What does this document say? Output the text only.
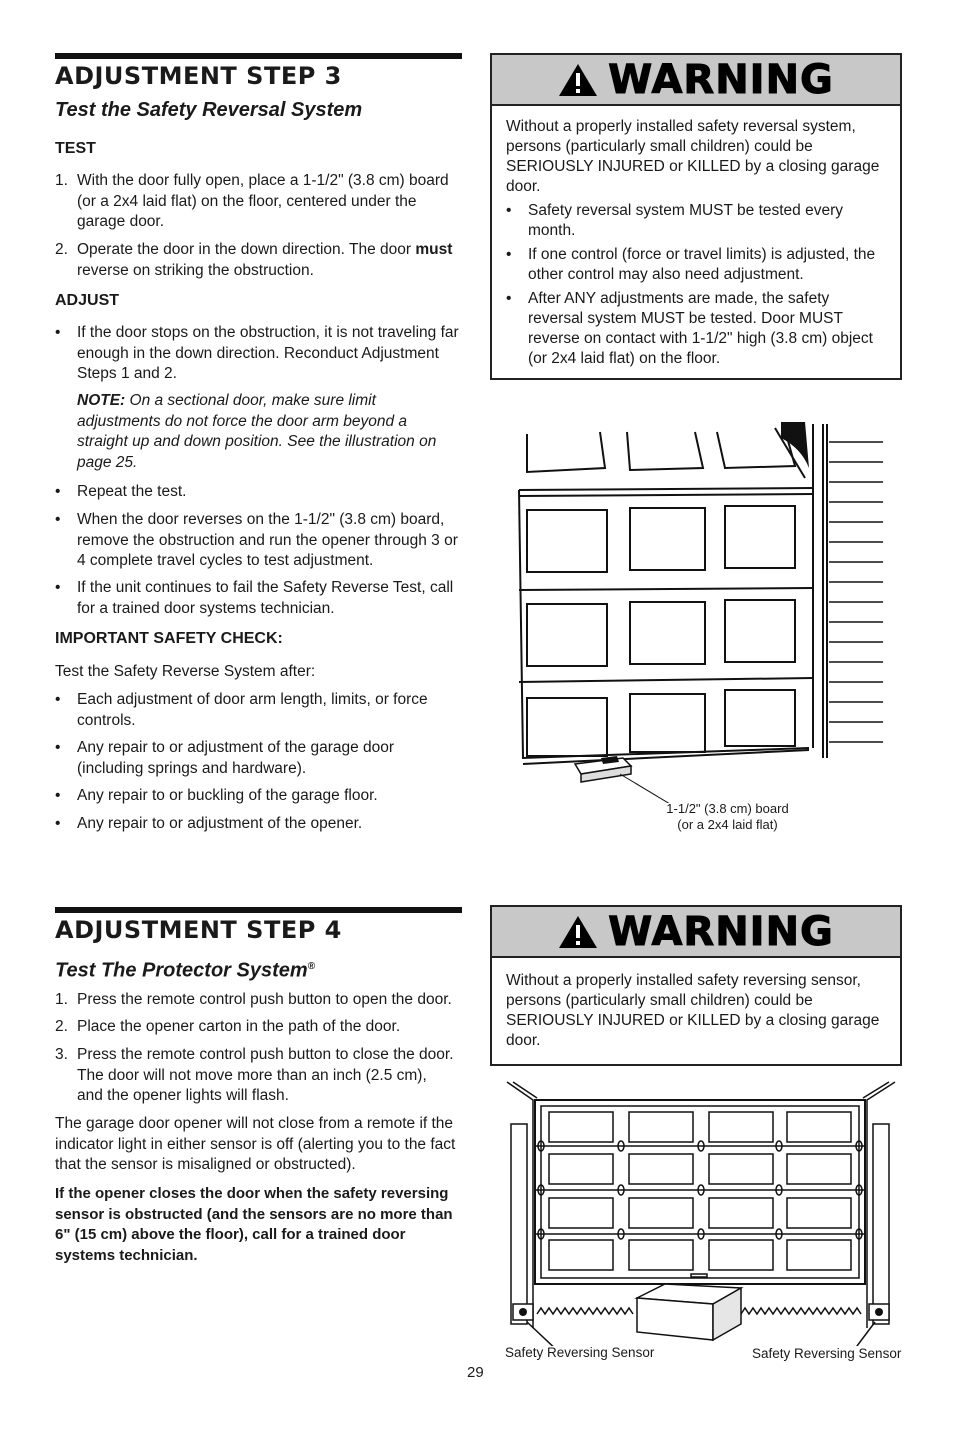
ADJUSTMENT STEP 3
Test the Safety Reversal System
TEST
1. With the door fully open, place a 1-1/2" (3.8 cm) board (or a 2x4 laid flat) on the floor, centered under the garage door.
2. Operate the door in the down direction. The door must reverse on striking the obstruction.
ADJUST
• If the door stops on the obstruction, it is not traveling far enough in the down direction. Reconduct Adjustment Steps 1 and 2.
NOTE: On a sectional door, make sure limit adjustments do not force the door arm beyond a straight up and down position. See the illustration on page 25.
• Repeat the test.
• When the door reverses on the 1-1/2" (3.8 cm) board, remove the obstruction and run the opener through 3 or 4 complete travel cycles to test adjustment.
• If the unit continues to fail the Safety Reverse Test, call for a trained door systems technician.
IMPORTANT SAFETY CHECK:
Test the Safety Reverse System after:
• Each adjustment of door arm length, limits, or force controls.
• Any repair to or adjustment of the garage door (including springs and hardware).
• Any repair to or buckling of the garage floor.
• Any repair to or adjustment of the opener.
WARNING
Without a properly installed safety reversal system, persons (particularly small children) could be SERIOUSLY INJURED or KILLED by a closing garage door.
• Safety reversal system MUST be tested every month.
• If one control (force or travel limits) is adjusted, the other control may also need adjustment.
• After ANY adjustments are made, the safety reversal system MUST be tested. Door MUST reverse on contact with 1-1/2" high (3.8 cm) object (or 2x4 laid flat) on the floor.
1-1/2" (3.8 cm) board
(or a 2x4 laid flat)
ADJUSTMENT STEP 4
Test The Protector System®
1. Press the remote control push button to open the door.
2. Place the opener carton in the path of the door.
3. Press the remote control push button to close the door. The door will not move more than an inch (2.5 cm), and the opener lights will flash.
The garage door opener will not close from a remote if the indicator light in either sensor is off (alerting you to the fact that the sensor is misaligned or obstructed).
If the opener closes the door when the safety reversing sensor is obstructed (and the sensors are no more than 6" (15 cm) above the floor), call for a trained door systems technician.
WARNING
Without a properly installed safety reversing sensor, persons (particularly small children) could be SERIOUSLY INJURED or KILLED by a closing garage door.
Safety Reversing Sensor	Safety Reversing Sensor
29
